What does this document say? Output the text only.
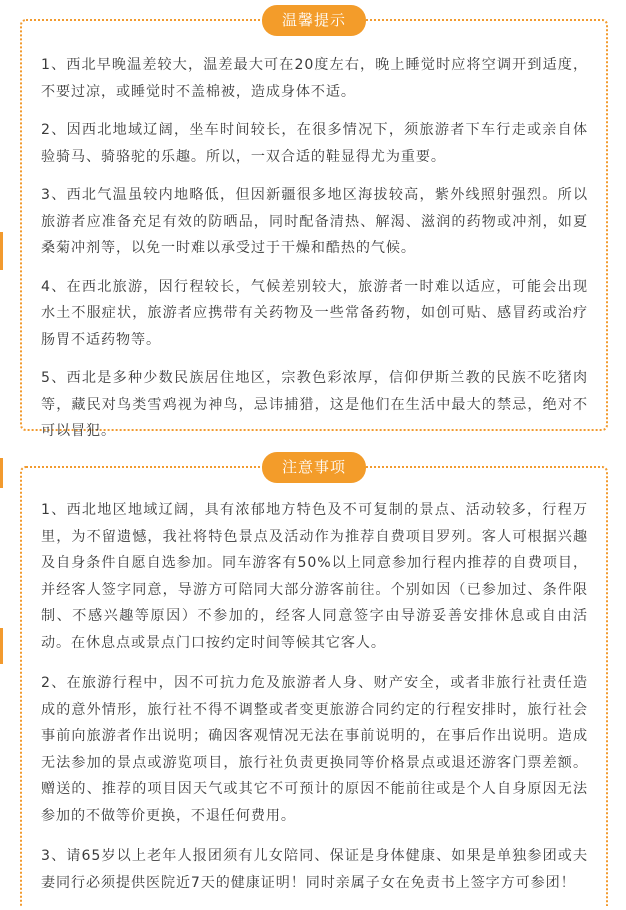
温馨提示

1、西北早晚温差较大，温差最大可在20度左右，晚上睡觉时应将空调开到适度，不要过凉，或睡觉时不盖棉被，造成身体不适。

2、因西北地域辽阔，坐车时间较长，在很多情况下，须旅游者下车行走或亲自体验骑马、骑骆驼的乐趣。所以，一双合适的鞋显得尤为重要。

3、西北气温虽较内地略低，但因新疆很多地区海拔较高，紫外线照射强烈。所以旅游者应准备充足有效的防晒品，同时配备清热、解渴、滋润的药物或冲剂，如夏桑菊冲剂等，以免一时难以承受过于干燥和酷热的气候。

4、在西北旅游，因行程较长，气候差别较大，旅游者一时难以适应，可能会出现水土不服症状，旅游者应携带有关药物及一些常备药物，如创可贴、感冒药或治疗肠胃不适药物等。

5、西北是多种少数民族居住地区，宗教色彩浓厚，信仰伊斯兰教的民族不吃猪肉等，藏民对鸟类雪鸡视为神鸟，忌讳捕猎，这是他们在生活中最大的禁忌，绝对不可以冒犯。

注意事项

1、西北地区地域辽阔，具有浓郁地方特色及不可复制的景点、活动较多，行程万里，为不留遗憾，我社将特色景点及活动作为推荐自费项目罗列。客人可根据兴趣及自身条件自愿自选参加。同车游客有50%以上同意参加行程内推荐的自费项目，并经客人签字同意，导游方可陪同大部分游客前往。个别如因（已参加过、条件限制、不感兴趣等原因）不参加的，经客人同意签字由导游妥善安排休息或自由活动。在休息点或景点门口按约定时间等候其它客人。

2、在旅游行程中，因不可抗力危及旅游者人身、财产安全，或者非旅行社责任造成的意外情形，旅行社不得不调整或者变更旅游合同约定的行程安排时，旅行社会事前向旅游者作出说明；确因客观情况无法在事前说明的，在事后作出说明。造成无法参加的景点或游览项目，旅行社负责更换同等价格景点或退还游客门票差额。赠送的、推荐的项目因天气或其它不可预计的原因不能前往或是个人自身原因无法参加的不做等价更换，不退任何费用。

3、请65岁以上老年人报团须有儿女陪同、保证是身体健康、如果是单独参团或夫妻同行必须提供医院近7天的健康证明！同时亲属子女在免责书上签字方可参团！
